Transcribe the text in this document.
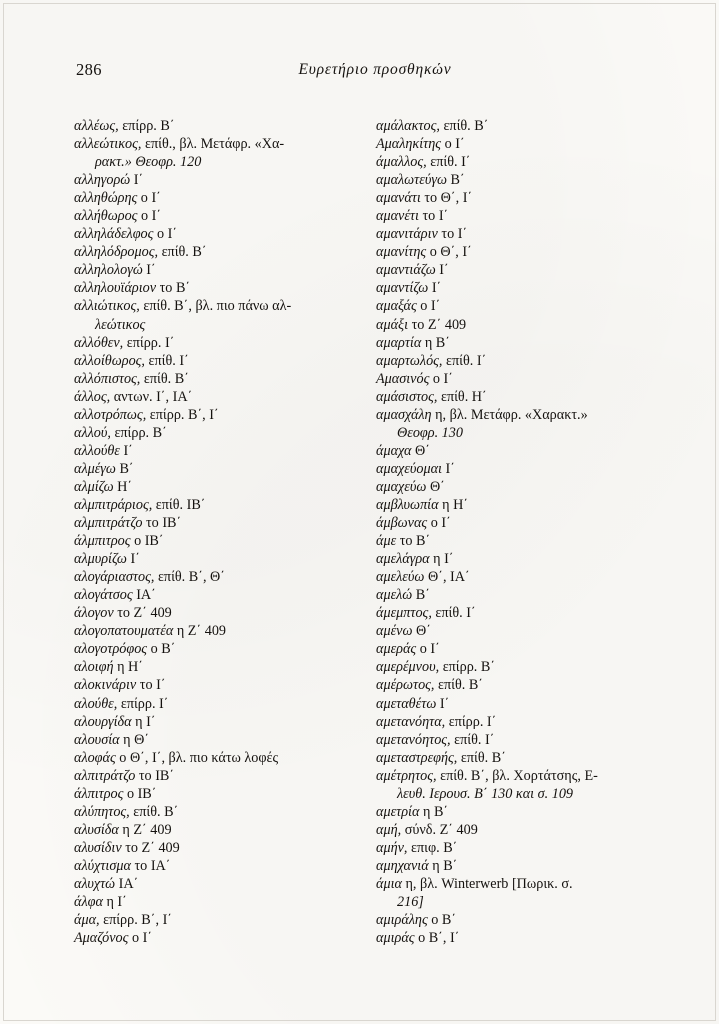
286	Ευρετήριο προσθηκών

αλλέως, επίρρ. Β΄

αλλεώτικος, επίθ., βλ. Μετάφρ. «Χα-
ρακτ.» Θεοφρ. 120

αλληγορώ Ι΄

αλληθώρης ο Ι΄

αλλήθωρος ο Ι΄

αλληλάδελφος ο Ι΄

αλληλόδρομος, επίθ. Β΄

αλληλολογώ Ι΄

αλληλουϊάριον το Β΄

αλλιώτικος, επίθ. Β΄, βλ. πιο πάνω αλ-
λεώτικος

αλλόθεν, επίρρ. Ι΄

αλλοίθωρος, επίθ. Ι΄

αλλόπιστος, επίθ. Β΄

άλλος, αντων. Ι΄, ΙΑ΄

αλλοτρόπως, επίρρ. Β΄, Ι΄

αλλού, επίρρ. Β΄

αλλούθε Ι΄

αλμέγω Β΄

αλμίζω Η΄

αλμπιτράριος, επίθ. ΙΒ΄

αλμπιτράτζο το ΙΒ΄

άλμπιτρος ο ΙΒ΄

αλμυρίζω Ι΄

αλογάριαστος, επίθ. Β΄, Θ΄

αλογάτσος ΙΑ΄

άλογον το Ζ΄ 409

αλογοπατουματέα η Ζ΄ 409

αλογοτρόφος ο Β΄

αλοιφή η Η΄

αλοκινάριν το Ι΄

αλούθε, επίρρ. Ι΄

αλουργίδα η Ι΄

αλουσία η Θ΄

αλοφάς ο Θ΄, Ι΄, βλ. πιο κάτω λοφές

αλπιτράτζο το ΙΒ΄

άλπιτρος ο ΙΒ΄

αλύπητος, επίθ. Β΄

αλυσίδα η Ζ΄ 409

αλυσίδιν το Ζ΄ 409

αλύχτισμα το ΙΑ΄

αλυχτώ ΙΑ΄

άλφα η Ι΄

άμα, επίρρ. Β΄, Ι΄

Αμαζόνος ο Ι΄

αμάλακτος, επίθ. Β΄

Αμαληκίτης ο Ι΄

άμαλλος, επίθ. Ι΄

αμαλωτεύγω Β΄

αμανάτι το Θ΄, Ι΄

αμανέτι το Ι΄

αμανιτάριν το Ι΄

αμανίτης ο Θ΄, Ι΄

αμαντιάζω Ι΄

αμαντίζω Ι΄

αμαξάς ο Ι΄

αμάξι το Ζ΄ 409

αμαρτία η Β΄

αμαρτωλός, επίθ. Ι΄

Αμασινός ο Ι΄

αμάσιστος, επίθ. Η΄

αμασχάλη η, βλ. Μετάφρ. «Χαρακτ.»
Θεοφρ. 130

άμαχα Θ΄

αμαχεύομαι Ι΄

αμαχεύω Θ΄

αμβλυωπία η Η΄

άμβωνας ο Ι΄

άμε το Β΄

αμελάγρα η Ι΄

αμελεύω Θ΄, ΙΑ΄

αμελώ Β΄

άμεμπτος, επίθ. Ι΄

αμένω Θ΄

αμεράς ο Ι΄

αμερέμνου, επίρρ. Β΄

αμέρωτος, επίθ. Β΄

αμεταθέτω Ι΄

αμετανόητα, επίρρ. Ι΄

αμετανόητος, επίθ. Ι΄

αμεταστρεφής, επίθ. Β΄

αμέτρητος, επίθ. Β΄, βλ. Χορτάτσης, Ε-
λευθ. Ιερουσ. Β΄ 130 και σ. 109

αμετρία η Β΄

αμή, σύνδ. Ζ΄ 409

αμήν, επιφ. Β΄

αμηχανιά η Β΄

άμια η, βλ. Winterwerb [Πωρικ. σ.
216]

αμιράλης ο Β΄

αμιράς ο Β΄, Ι΄
